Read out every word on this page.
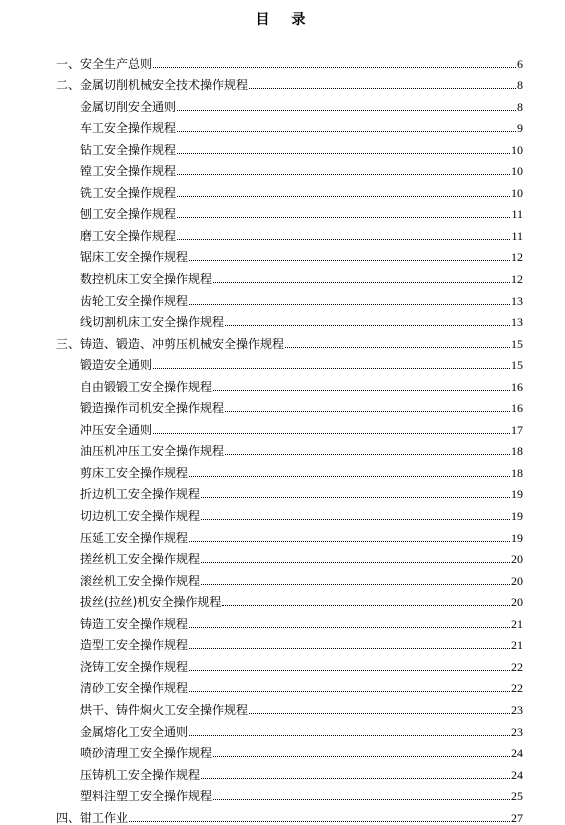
目　录
一、安全生产总则	6
二、金属切削机械安全技术操作规程	8
金属切削安全通则	8
车工安全操作规程	9
钻工安全操作规程	10
镗工安全操作规程	10
铣工安全操作规程	10
刨工安全操作规程	11
磨工安全操作规程	11
锯床工安全操作规程	12
数控机床工安全操作规程	12
齿轮工安全操作规程	13
线切割机床工安全操作规程	13
三、铸造、锻造、冲剪压机械安全操作规程	15
锻造安全通则	15
自由锻锻工安全操作规程	16
锻造操作司机安全操作规程	16
冲压安全通则	17
油压机冲压工安全操作规程	18
剪床工安全操作规程	18
折边机工安全操作规程	19
切边机工安全操作规程	19
压延工安全操作规程	19
搓丝机工安全操作规程	20
滚丝机工安全操作规程	20
拔丝(拉丝)机安全操作规程	20
铸造工安全操作规程	21
造型工安全操作规程	21
浇铸工安全操作规程	22
清砂工安全操作规程	22
烘干、铸件焖火工安全操作规程	23
金属熔化工安全通则	23
喷砂清理工安全操作规程	24
压铸机工安全操作规程	24
塑料注塑工安全操作规程	25
四、钳工作业	27
